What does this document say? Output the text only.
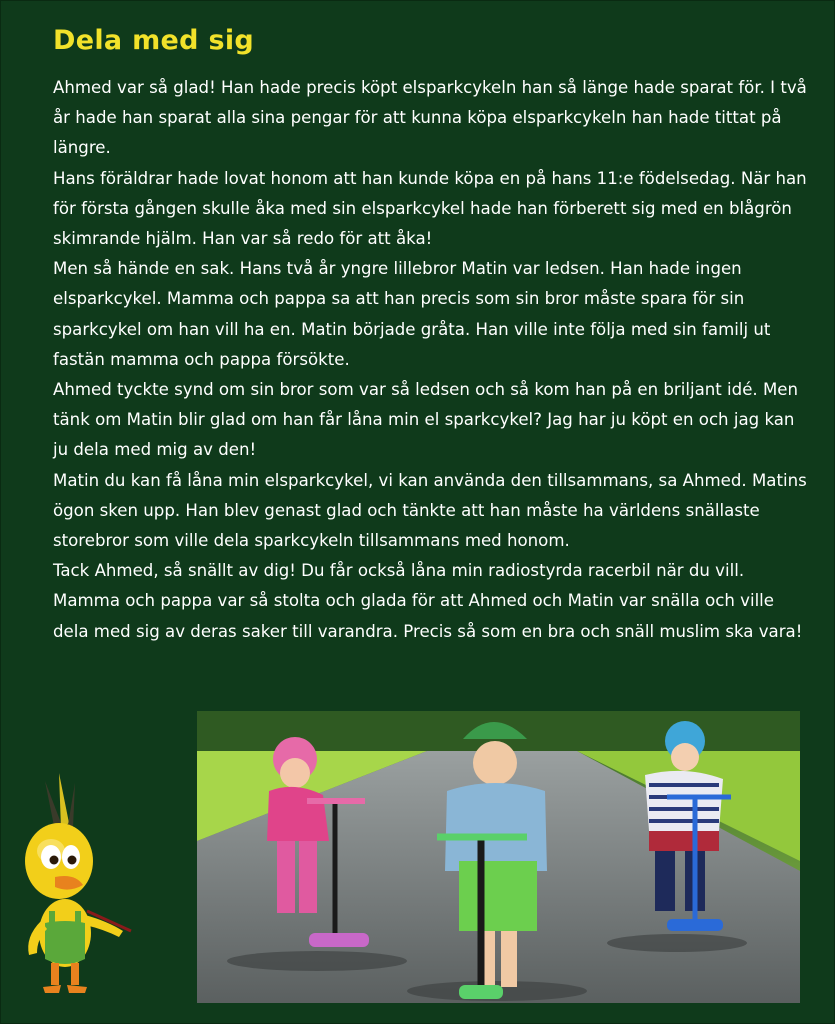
Dela med sig

Ahmed var så glad! Han hade precis köpt elsparkcykeln han så länge hade sparat för. I två år hade han sparat alla sina pengar för att kunna köpa elsparkcykeln han hade tittat på längre.

Hans föräldrar hade lovat honom att han kunde köpa en på hans 11:e födelsedag. När han för första gången skulle åka med sin elsparkcykel hade han förberett sig med en blågrön skimrande hjälm. Han var så redo för att åka!

Men så hände en sak. Hans två år yngre lillebror Matin var ledsen. Han hade ingen elsparkcykel. Mamma och pappa sa att han precis som sin bror måste spara för sin sparkcykel om han vill ha en. Matin började gråta. Han ville inte följa med sin familj ut fastän mamma och pappa försökte.

Ahmed tyckte synd om sin bror som var så ledsen och så kom han på en briljant idé. Men tänk om Matin blir glad om han får låna min el sparkcykel? Jag har ju köpt en och jag kan ju dela med mig av den!

Matin du kan få låna min elsparkcykel, vi kan använda den tillsammans, sa Ahmed. Matins ögon sken upp. Han blev genast glad och tänkte att han måste ha världens snällaste storebror som ville dela sparkcykeln tillsammans med honom.

Tack Ahmed, så snällt av dig! Du får också låna min radiostyrda racerbil när du vill.

Mamma och pappa var så stolta och glada för att Ahmed och Matin var snälla och ville dela med sig av deras saker till varandra. Precis så som en bra och snäll muslim ska vara!
